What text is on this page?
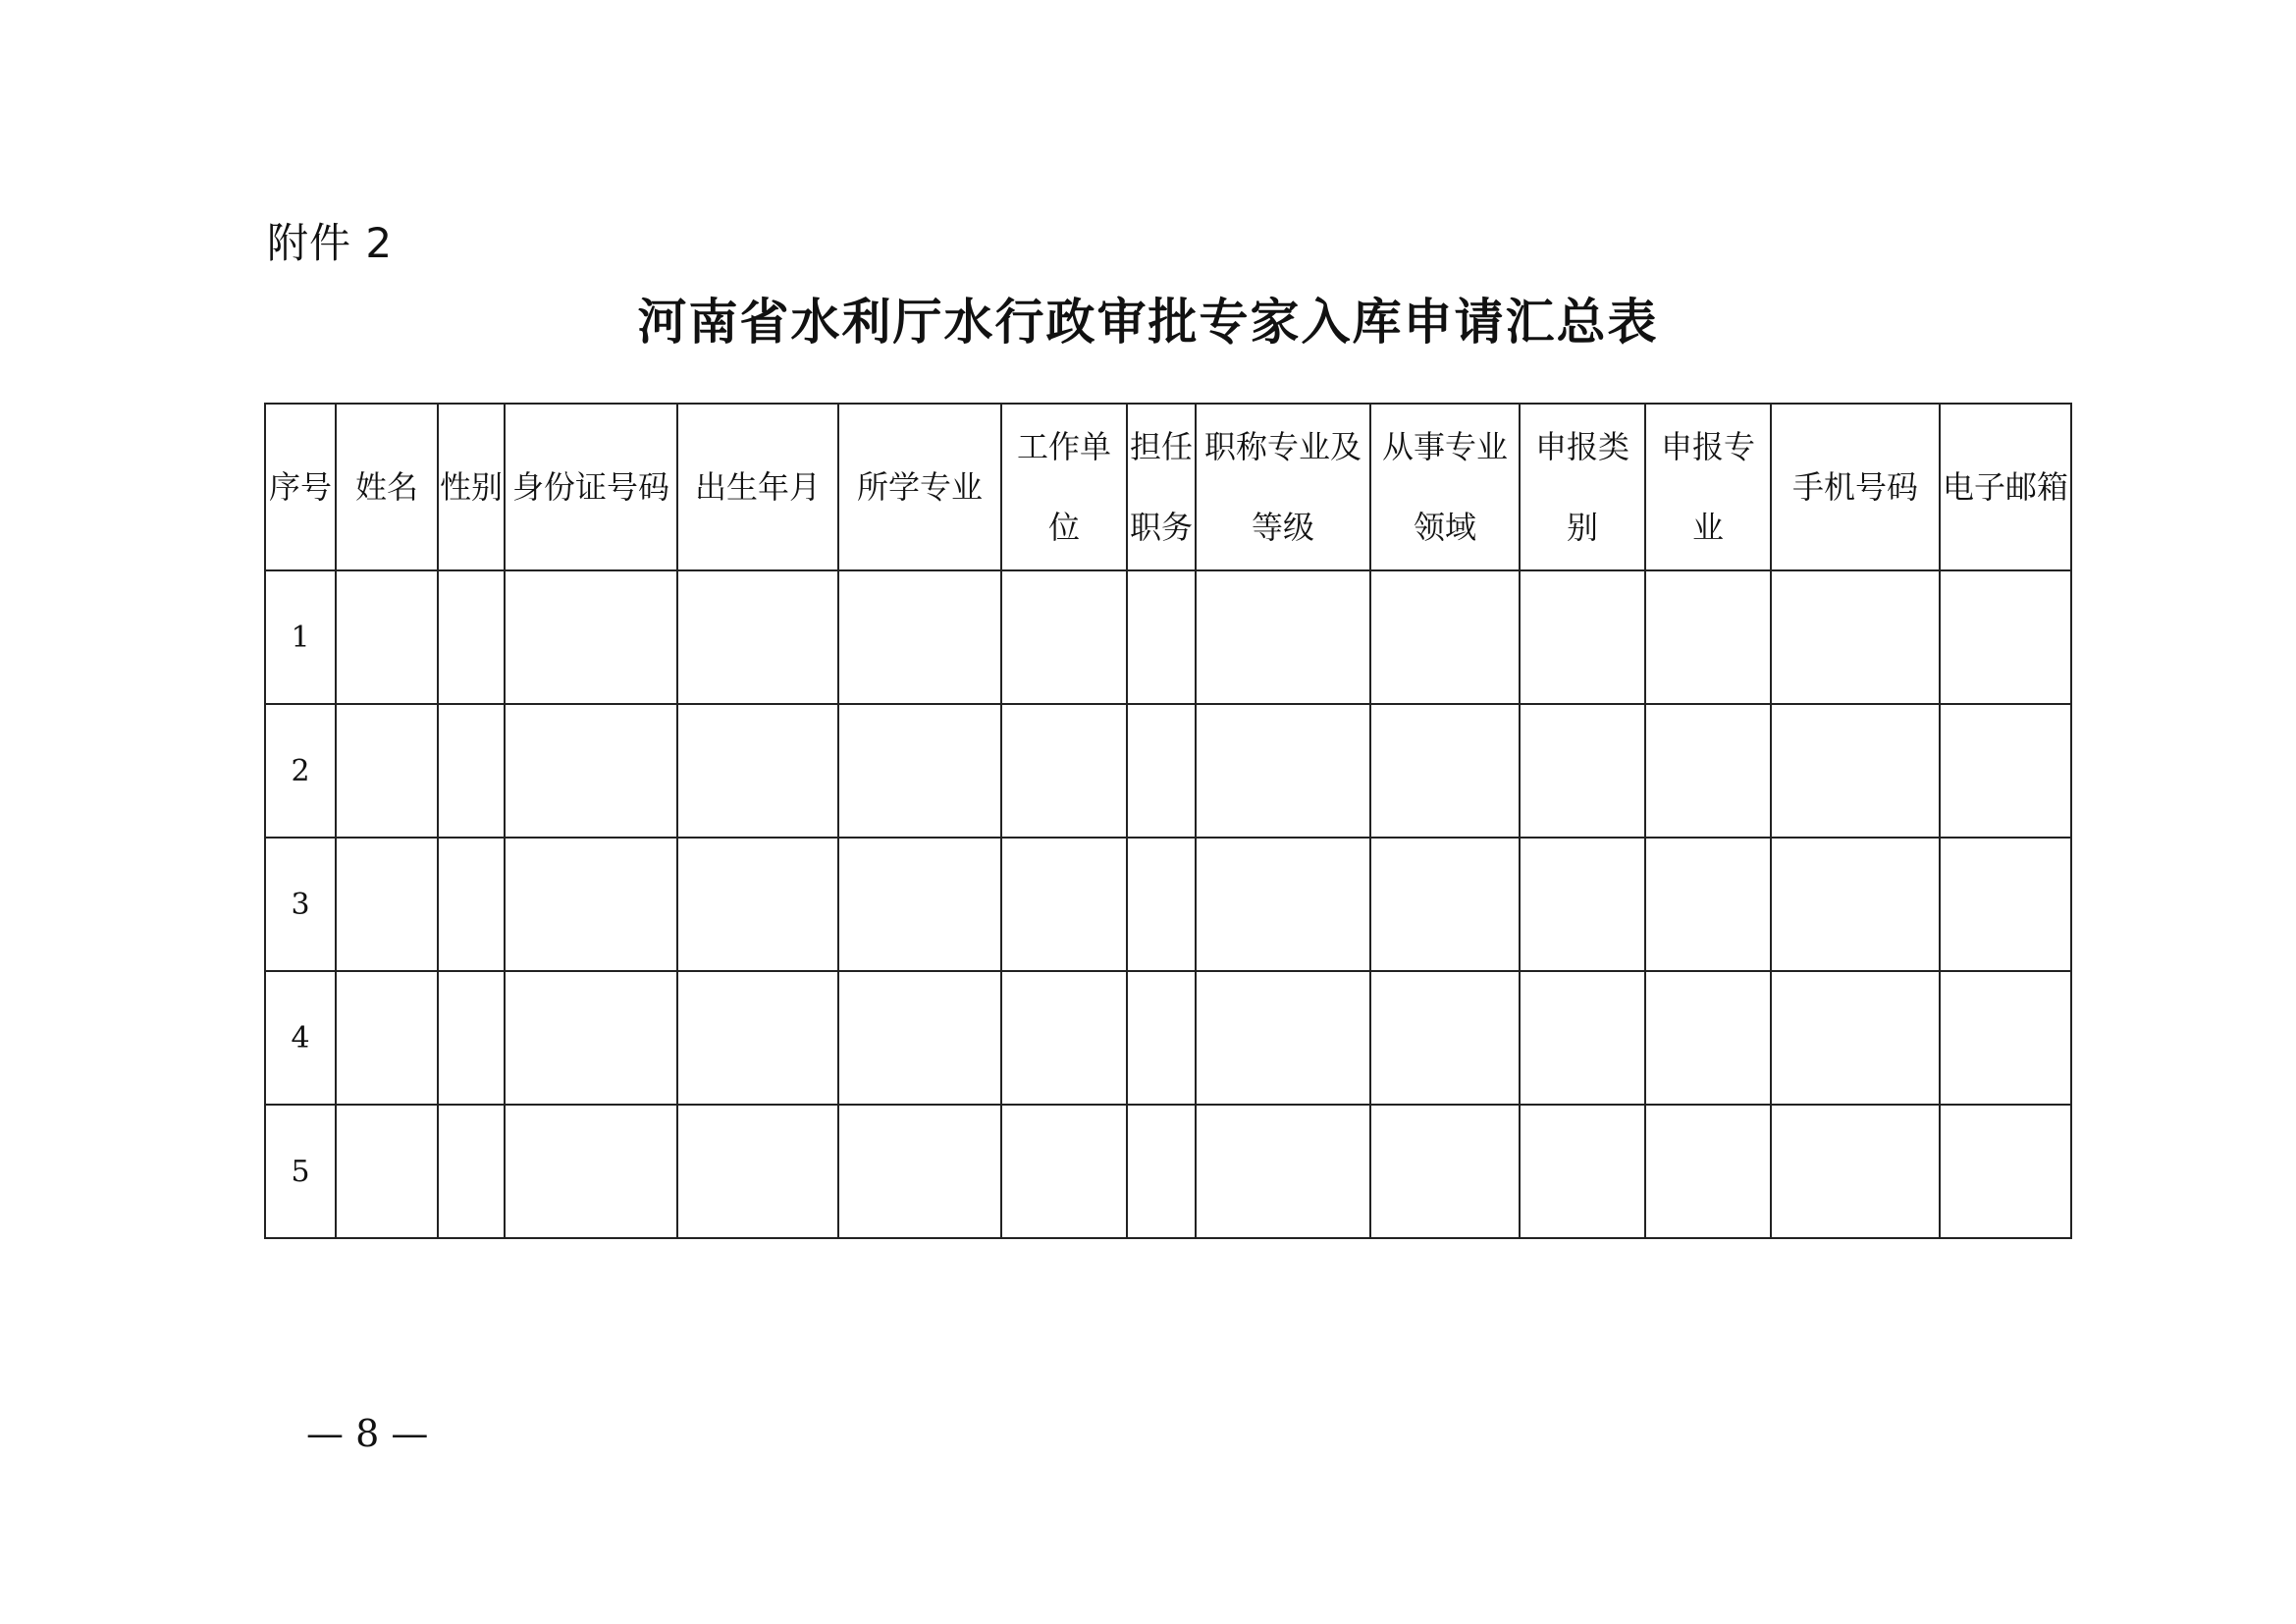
附件 2
河南省水利厅水行政审批专家入库申请汇总表
序号	姓名	性别	身份证号码	出生年月	所学专业	工作单位	担任职务	职称专业及等级	从事专业领域	申报类别	申报专业	手机号码	电子邮箱
1													
2													
3													
4													
5													
— 8 —
